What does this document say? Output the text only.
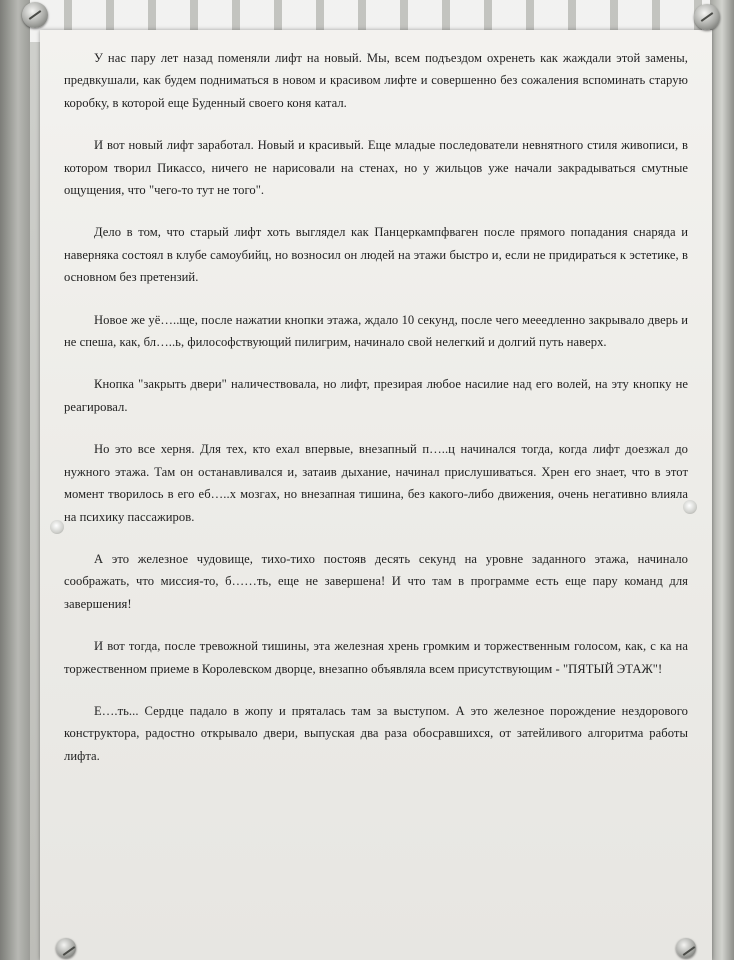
У нас пару лет назад поменяли лифт на новый. Мы, всем подъездом охренеть как жаждали этой замены, предвкушали, как будем подниматься в новом и красивом лифте и совершенно без сожаления вспоминать старую коробку, в которой еще Буденный своего коня катал.

И вот новый лифт заработал. Новый и красивый. Еще младые последователи невнятного стиля живописи, в котором творил Пикассо, ничего не нарисовали на стенах, но у жильцов уже начали закрадываться смутные ощущения, что "чего-то тут не того".

Дело в том, что старый лифт хоть выглядел как Панцеркампфваген после прямого попадания снаряда и наверняка состоял в клубе самоубийц, но возносил он людей на этажи быстро и, если не придираться к эстетике, в основном без претензий.

Новое же уё…..ще, после нажатии кнопки этажа, ждало 10 секунд, после чего мееедленно закрывало дверь и не спеша, как, бл…..ь, философствующий пилигрим, начинало свой нелегкий и долгий путь наверх.

Кнопка "закрыть двери" наличествовала, но лифт, презирая любое насилие над его волей, на эту кнопку не реагировал.

Но это все херня. Для тех, кто ехал впервые, внезапный п…..ц начинался тогда, когда лифт доезжал до нужного этажа. Там он останавливался и, затаив дыхание, начинал прислушиваться. Хрен его знает, что в этот момент творилось в его еб…..х мозгах, но внезапная тишина, без какого-либо движения, очень негативно влияла на психику пассажиров.

А это железное чудовище, тихо-тихо постояв десять секунд на уровне заданного этажа, начинало соображать, что миссия-то, б……ть, еще не завершена! И что там в программе есть еще пару команд для завершения!

И вот тогда, после тревожной тишины, эта железная хрень громким и торжественным голосом, как, с ка на торжественном приеме в Королевском дворце, внезапно объявляла всем присутствующим - "ПЯТЫЙ ЭТАЖ"!

Е….ть... Сердце падало в жопу и пряталась там за выступом. А это железное порождение нездорового конструктора, радостно открывало двери, выпуская два раза обосравшихся, от затейливого алгоритма работы лифта.
